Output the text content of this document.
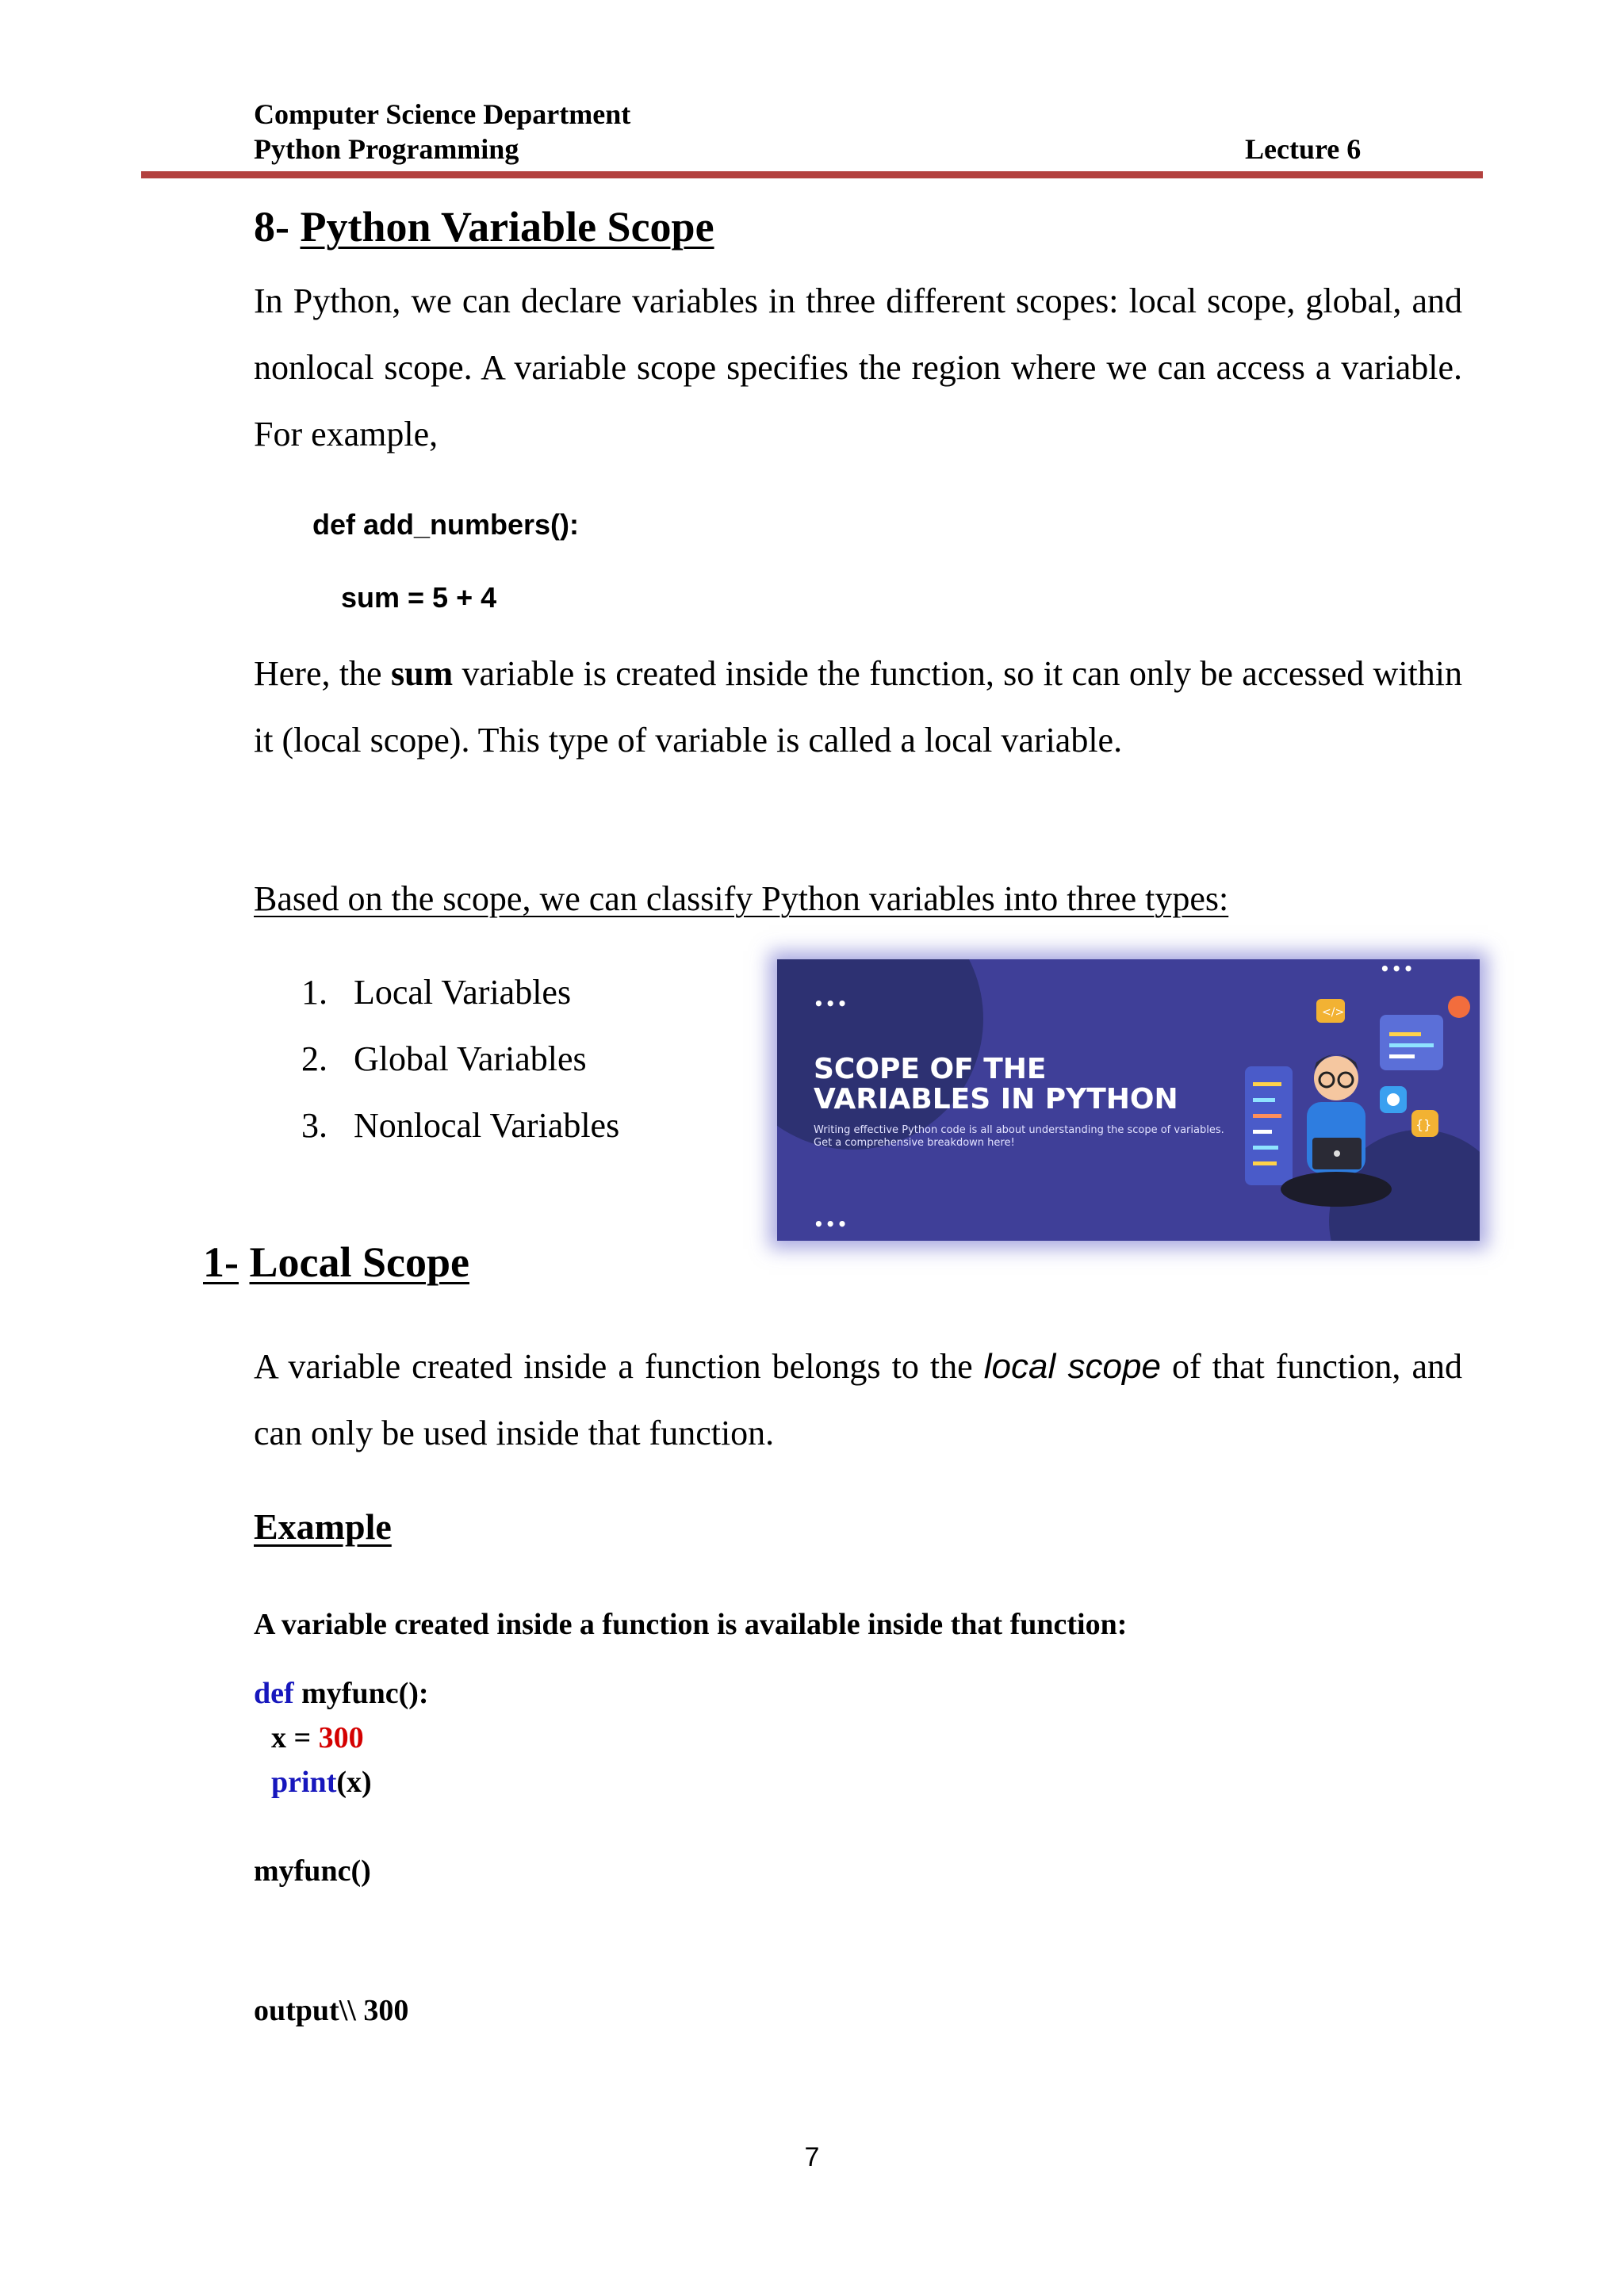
Computer Science Department
Python Programming	Lecture 6
8- Python Variable Scope
In Python, we can declare variables in three different scopes: local scope, global, and nonlocal scope. A variable scope specifies the region where we can access a variable. For example,
def add_numbers():
sum = 5 + 4
Here, the sum variable is created inside the function, so it can only be accessed within it (local scope). This type of variable is called a local variable.
Based on the scope, we can classify Python variables into three types:
1. Local Variables
2. Global Variables
3. Nonlocal Variables
•••
•••
•••
SCOPE OF THE
VARIABLES IN PYTHON
Writing effective Python code is all about understanding the scope of variables. Get a comprehensive breakdown here!
</>
{}
1- Local Scope
A variable created inside a function belongs to the local scope of that function, and can only be used inside that function.
Example
A variable created inside a function is available inside that function:
def myfunc():
x = 300
print(x)
myfunc()
output\\ 300
7
